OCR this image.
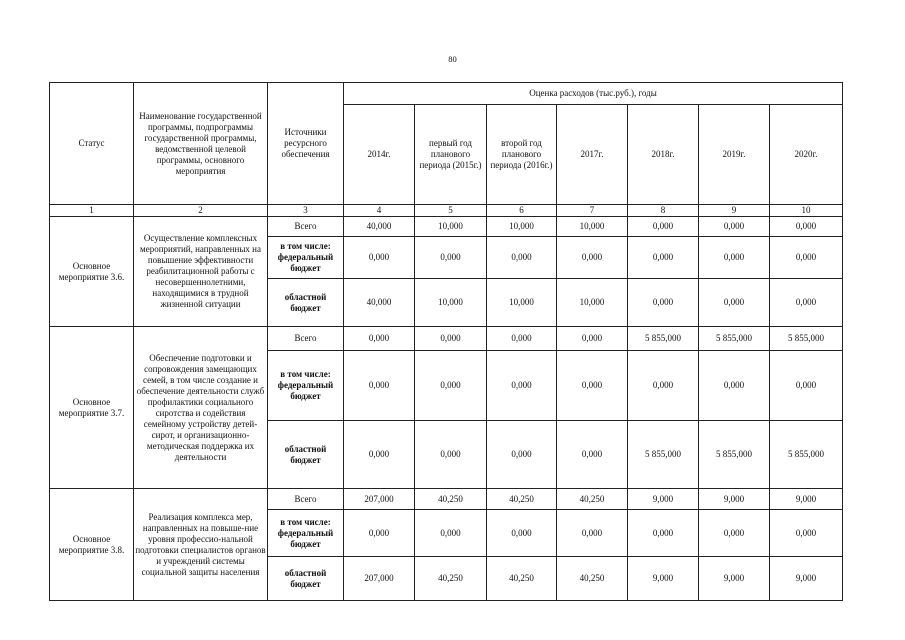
80
Статус	Наименование государственной программы, подпрограммы государственной программы, ведомственной целевой программы, основного мероприятия	Источники ресурсного обеспечения	Оценка расходов (тыс.руб.), годы						
			2014г.	первый год планового периода (2015г.)	второй год планового периода (2016г.)	2017г.	2018г.	2019г.	2020г.
1	2	3	4	5	6	7	8	9	10
Основное мероприятие 3.6.	Осуществление комплексных мероприятий, направленных на повышение эффективности реабилитационной работы с несовершеннолетними, находящимися в трудной жизненной ситуации	Всего	40,000	10,000	10,000	10,000	0,000	0,000	0,000
		в том числе: федеральный бюджет	0,000	0,000	0,000	0,000	0,000	0,000	0,000
		областной бюджет	40,000	10,000	10,000	10,000	0,000	0,000	0,000
Основное мероприятие 3.7.	Обеспечение подготовки и сопровождения замещающих семей, в том числе создание и обеспечение деятельности служб профилактики социального сиротства и содействия семейному устройству детей-сирот, и организационно-методическая поддержка их деятельности	Всего	0,000	0,000	0,000	0,000	5 855,000	5 855,000	5 855,000
		в том числе: федеральный бюджет	0,000	0,000	0,000	0,000	0,000	0,000	0,000
		областной бюджет	0,000	0,000	0,000	0,000	5 855,000	5 855,000	5 855,000
Основное мероприятие 3.8.	Реализация комплекса мер, направленных на повыше-ние уровня профессио-нальной подготовки специалистов органов и учреждений системы социальной защиты населения	Всего	207,000	40,250	40,250	40,250	9,000	9,000	9,000
		в том числе: федеральный бюджет	0,000	0,000	0,000	0,000	0,000	0,000	0,000
		областной бюджет	207,000	40,250	40,250	40,250	9,000	9,000	9,000
